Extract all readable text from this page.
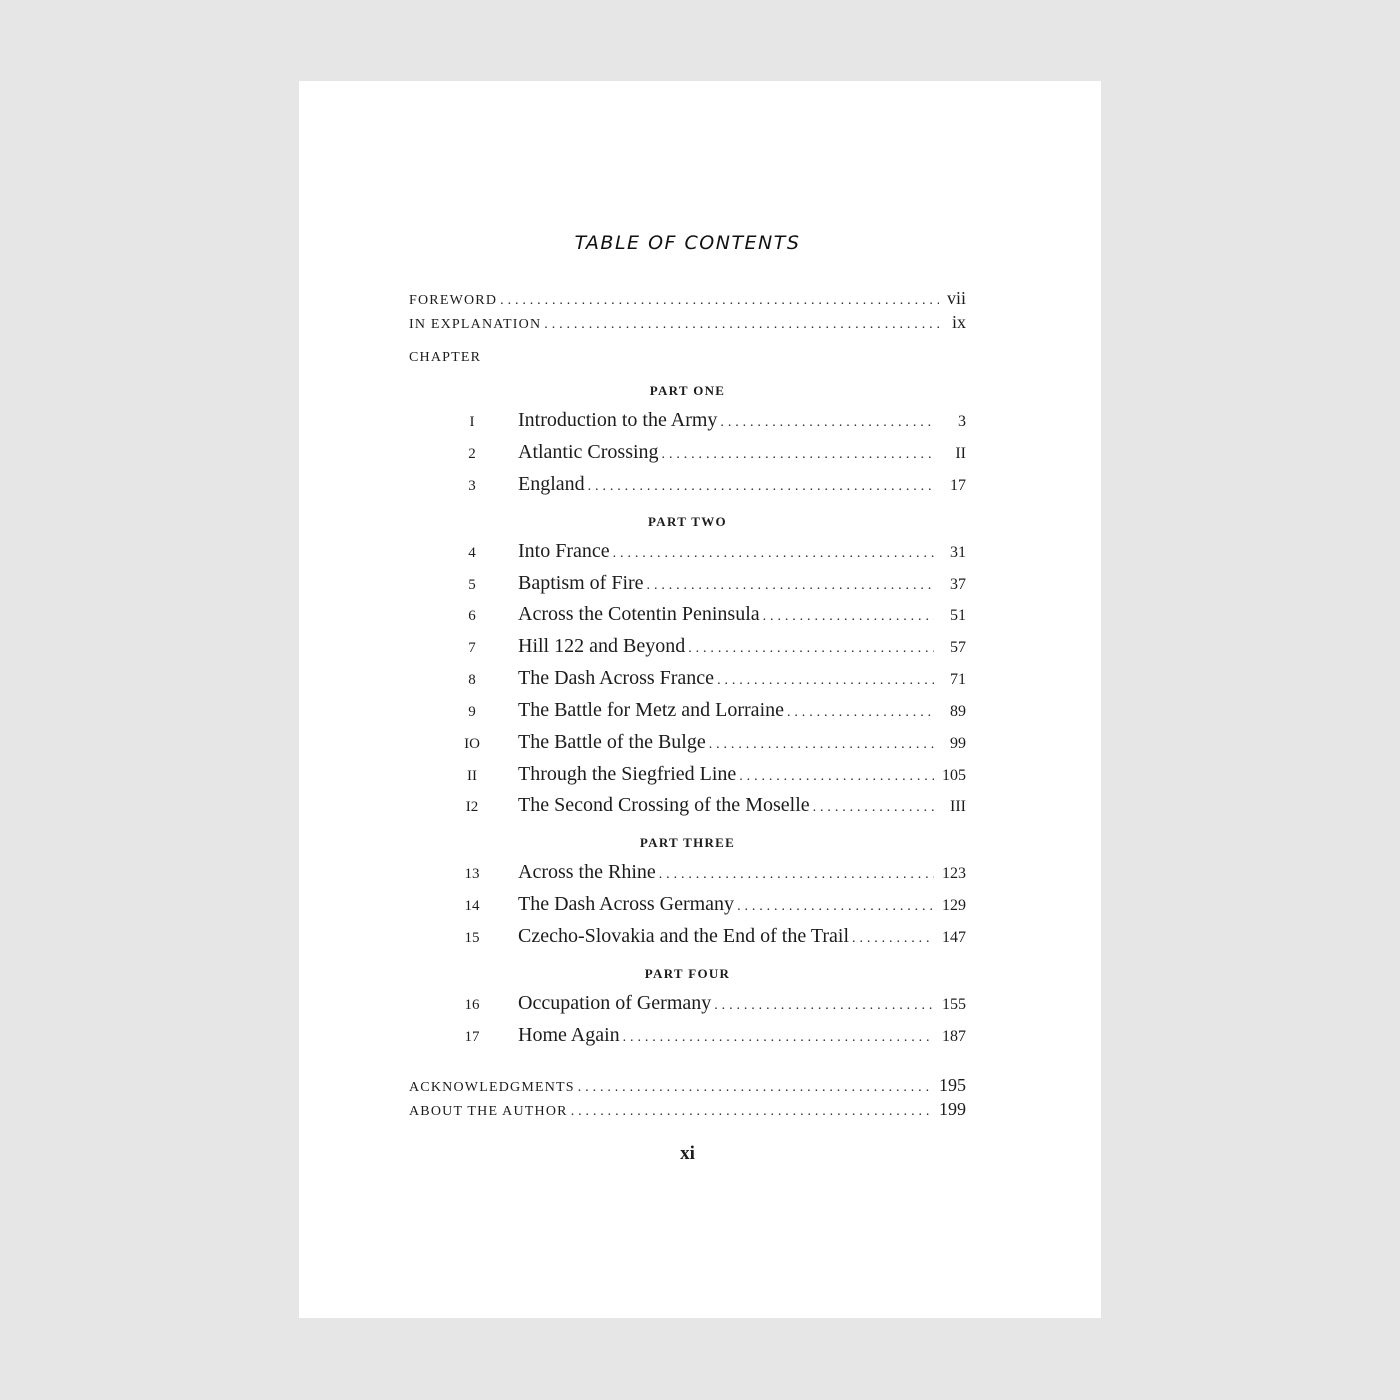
TABLE OF CONTENTS
FOREWORD . . .	vii
IN EXPLANATION . . .	ix
CHAPTER
PART ONE
I	Introduction to the Army . . .	3
2	Atlantic Crossing . . .	II
3	England . . .	17
PART TWO
4	Into France . . .	31
5	Baptism of Fire . . .	37
6	Across the Cotentin Peninsula . . .	51
7	Hill 122 and Beyond . . .	57
8	The Dash Across France . . .	71
9	The Battle for Metz and Lorraine . . .	89
IO	The Battle of the Bulge . . .	99
II	Through the Siegfried Line . . .	105
I2	The Second Crossing of the Moselle . . .	III
PART THREE
13	Across the Rhine . . .	123
14	The Dash Across Germany . . .	129
15	Czecho-Slovakia and the End of the Trail . . .	147
PART FOUR
16	Occupation of Germany . . .	155
17	Home Again . . .	187
ACKNOWLEDGMENTS . . .	195
ABOUT THE AUTHOR . . .	199
xi
